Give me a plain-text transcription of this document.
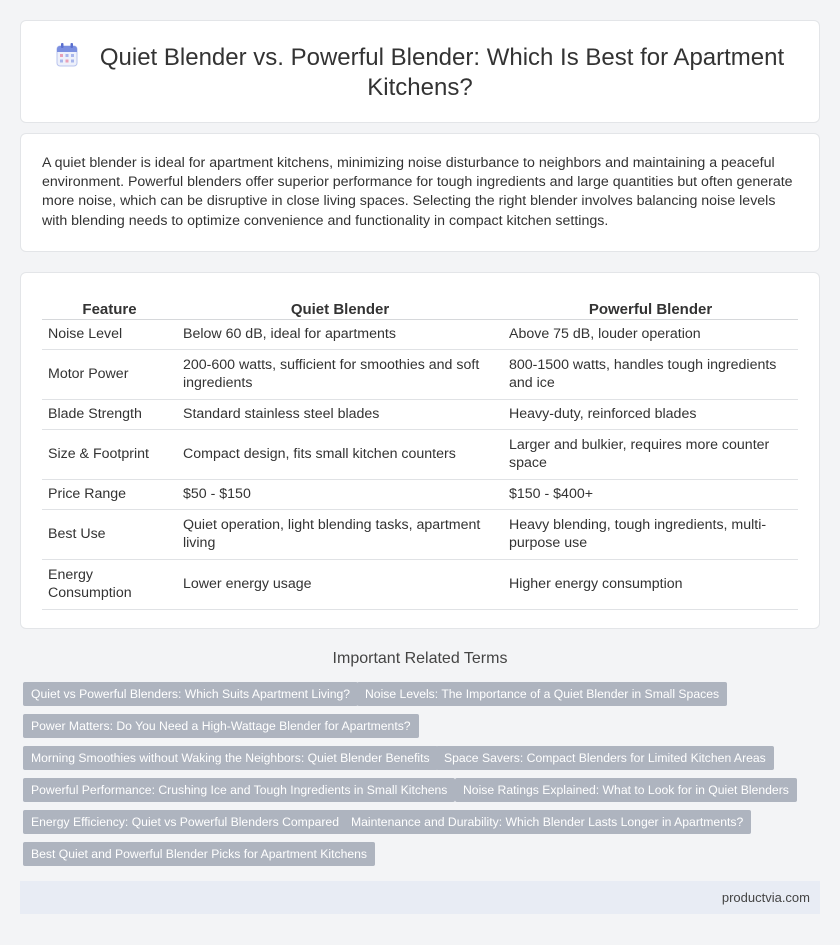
Quiet Blender vs. Powerful Blender: Which Is Best for Apartment Kitchens?

A quiet blender is ideal for apartment kitchens, minimizing noise disturbance to neighbors and maintaining a peaceful environment. Powerful blenders offer superior performance for tough ingredients and large quantities but often generate more noise, which can be disruptive in close living spaces. Selecting the right blender involves balancing noise levels with blending needs to optimize convenience and functionality in compact kitchen settings.

Feature	Quiet Blender	Powerful Blender
Noise Level	Below 60 dB, ideal for apartments	Above 75 dB, louder operation
Motor Power	200-600 watts, sufficient for smoothies and soft ingredients	800-1500 watts, handles tough ingredients and ice
Blade Strength	Standard stainless steel blades	Heavy-duty, reinforced blades
Size & Footprint	Compact design, fits small kitchen counters	Larger and bulkier, requires more counter space
Price Range	$50 - $150	$150 - $400+
Best Use	Quiet operation, light blending tasks, apartment living	Heavy blending, tough ingredients, multi-purpose use
Energy Consumption	Lower energy usage	Higher energy consumption
Important Related Terms
Quiet vs Powerful Blenders: Which Suits Apartment Living?	Noise Levels: The Importance of a Quiet Blender in Small Spaces
Power Matters: Do You Need a High-Wattage Blender for Apartments?
Morning Smoothies without Waking the Neighbors: Quiet Blender Benefits	Space Savers: Compact Blenders for Limited Kitchen Areas
Powerful Performance: Crushing Ice and Tough Ingredients in Small Kitchens	Noise Ratings Explained: What to Look for in Quiet Blenders
Energy Efficiency: Quiet vs Powerful Blenders Compared Maintenance and Durability: Which Blender Lasts Longer in Apartments?
Best Quiet and Powerful Blender Picks for Apartment Kitchens
productvia.com
